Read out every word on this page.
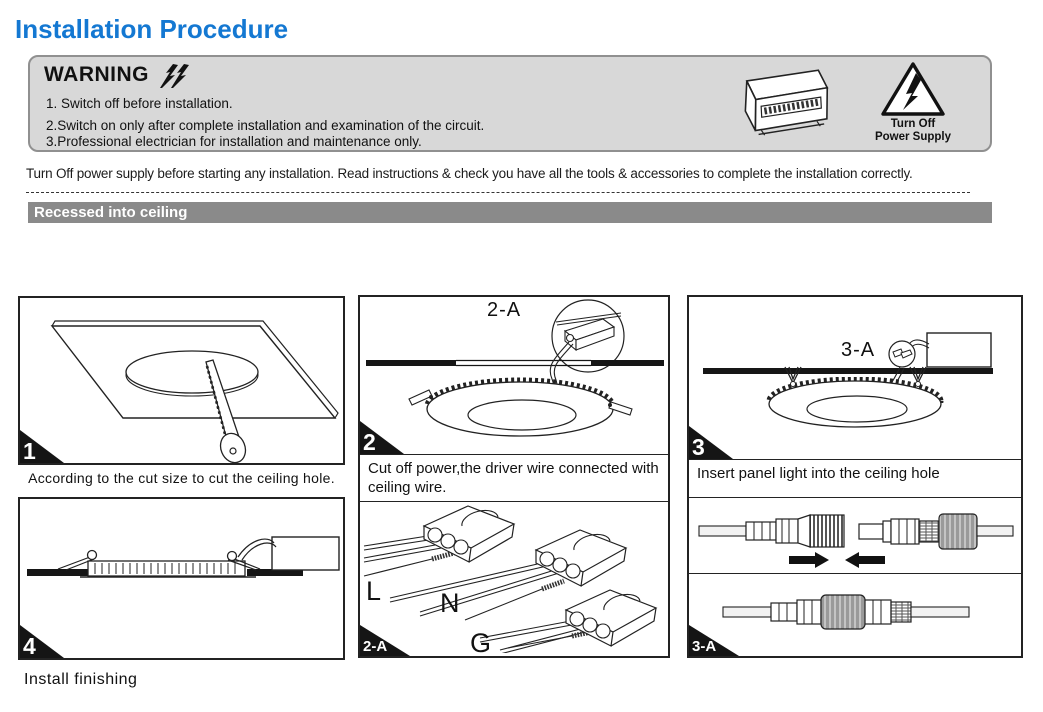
Installation Procedure
WARNING
1. Switch off before installation.
2.Switch on only after complete installation and examination of the circuit.
3.Professional electrician for installation and maintenance only.
Turn Off
Power Supply
Turn Off power supply before starting any installation. Read instructions & check you have all the tools & accessories to complete the installation correctly.
Recessed into ceiling
1
According to the cut size to cut the ceiling hole.
4
Install finishing
2-A
2
Cut off power,the driver wire connected with ceiling wire.
L N
G
2-A
3-A
3
Insert panel light into the ceiling hole
3-A
